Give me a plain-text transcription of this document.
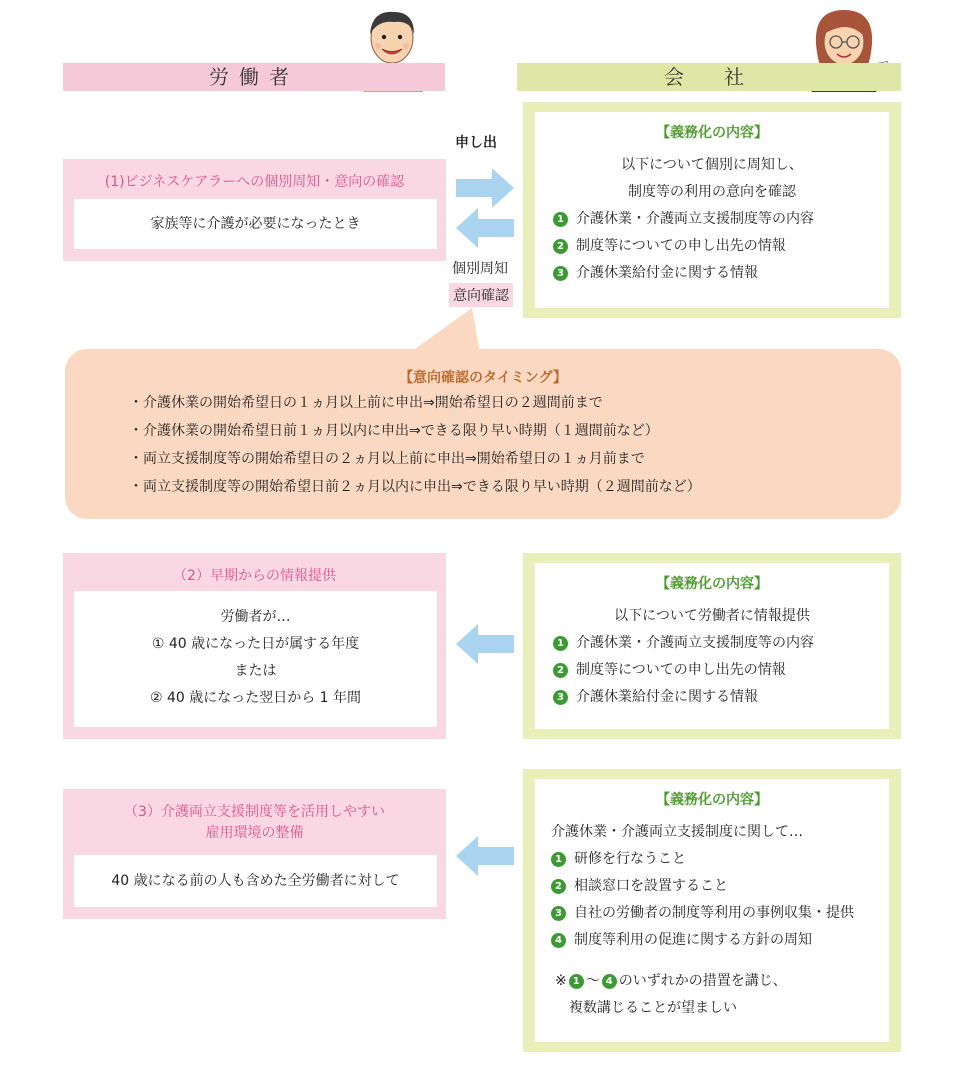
労働者	会　社
(1)ビジネスケアラーへの個別周知・意向の確認
家族等に介護が必要になったとき
申し出
個別周知
意向確認
【義務化の内容】
以下について個別に周知し、
制度等の利用の意向を確認
1 介護休業・介護両立支援制度等の内容
2 制度等についての申し出先の情報
3 介護休業給付金に関する情報
【意向確認のタイミング】
・介護休業の開始希望日の１ヵ月以上前に申出⇒開始希望日の２週間前まで
・介護休業の開始希望日前１ヵ月以内に申出⇒できる限り早い時期（１週間前など）
・両立支援制度等の開始希望日の２ヵ月以上前に申出⇒開始希望日の１ヵ月前まで
・両立支援制度等の開始希望日前２ヵ月以内に申出⇒できる限り早い時期（２週間前など）
（2）早期からの情報提供
労働者が…
① 40 歳になった日が属する年度
または
② 40 歳になった翌日から 1 年間
【義務化の内容】
以下について労働者に情報提供
1 介護休業・介護両立支援制度等の内容
2 制度等についての申し出先の情報
3 介護休業給付金に関する情報
（3）介護両立支援制度等を活用しやすい
雇用環境の整備
40 歳になる前の人も含めた全労働者に対して
【義務化の内容】
介護休業・介護両立支援制度に関して…
1 研修を行なうこと
2 相談窓口を設置すること
3 自社の労働者の制度等利用の事例収集・提供
4 制度等利用の促進に関する方針の周知
※ 1 〜 4 のいずれかの措置を講じ、
複数講じることが望ましい
